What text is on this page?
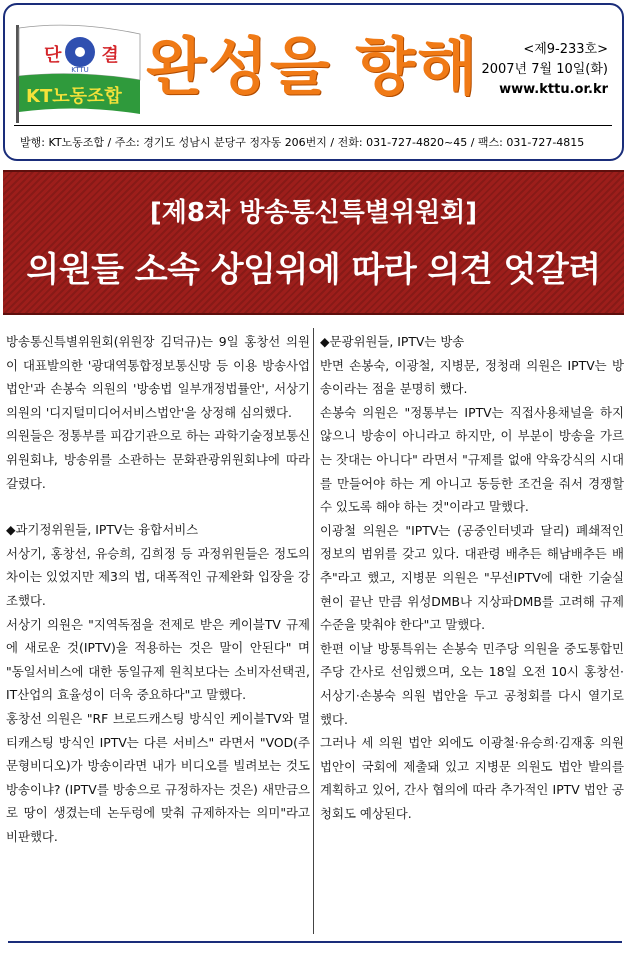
KTTU
단결
KT노동조합 완성을 향해	<제9-233호>
2007년 7월 10일(화)
www.kttu.or.kr
발행: KT노동조합 / 주소: 경기도 성남시 분당구 정자동 206번지 / 전화: 031-727-4820~45 / 팩스: 031-727-4815
[제8차 방송통신특별위원회]
의원들 소속 상임위에 따라 의견 엇갈려

방송통신특별위원회(위원장 김덕규)는 9일 홍창선 의원이 대표발의한 '광대역통합정보통신망 등 이용 방송사업법안'과 손봉숙 의원의 '방송법 일부개정법률안', 서상기 의원의 '디지털미디어서비스법안'을 상정해 심의했다.

의원들은 정통부를 피감기관으로 하는 과학기술정보통신위원회냐, 방송위를 소관하는 문화관광위원회냐에 따라 갈렸다.

◆과기정위원들, IPTV는 융합서비스

서상기, 홍창선, 유승희, 김희정 등 과정위원들은 정도의 차이는 있었지만 제3의 법, 대폭적인 규제완화 입장을 강조했다.

서상기 의원은 "지역독점을 전제로 받은 케이블TV 규제에 새로운 것(IPTV)을 적용하는 것은 말이 안된다" 며 "동일서비스에 대한 동일규제 원칙보다는 소비자선택권, IT산업의 효율성이 더욱 중요하다"고 말했다.

홍창선 의원은 "RF 브로드캐스팅 방식인 케이블TV와 멀티캐스팅 방식인 IPTV는 다른 서비스" 라면서 "VOD(주문형비디오)가 방송이라면 내가 비디오를 빌려보는 것도 방송이냐? (IPTV를 방송으로 규정하자는 것은) 새만금으로 땅이 생겼는데 논두렁에 맞춰 규제하자는 의미"라고 비판했다.

◆문광위원들, IPTV는 방송

반면 손봉숙, 이광철, 지병문, 정청래 의원은 IPTV는 방송이라는 점을 분명히 했다.

손봉숙 의원은 "정통부는 IPTV는 직접사용채널을 하지 않으니 방송이 아니라고 하지만, 이 부분이 방송을 가르는 잣대는 아니다" 라면서 "규제를 없애 약육강식의 시대를 만들어야 하는 게 아니고 동등한 조건을 줘서 경쟁할 수 있도록 해야 하는 것"이라고 말했다.

이광철 의원은 "IPTV는 (공중인터넷과 달리) 폐쇄적인 정보의 범위를 갖고 있다. 대관령 배추든 해남배추든 배추"라고 했고, 지병문 의원은 "무선IPTV에 대한 기술실현이 끝난 만큼 위성DMB나 지상파DMB를 고려해 규제수준을 맞춰야 한다"고 말했다.

한편 이날 방통특위는 손봉숙 민주당 의원을 중도통합민주당 간사로 선임했으며, 오는 18일 오전 10시 홍창선·서상기·손봉숙 의원 법안을 두고 공청회를 다시 열기로 했다.

그러나 세 의원 법안 외에도 이광철·유승희·김재홍 의원 법안이 국회에 제출돼 있고 지병문 의원도 법안 발의를 계획하고 있어, 간사 협의에 따라 추가적인 IPTV 법안 공청회도 예상된다.
